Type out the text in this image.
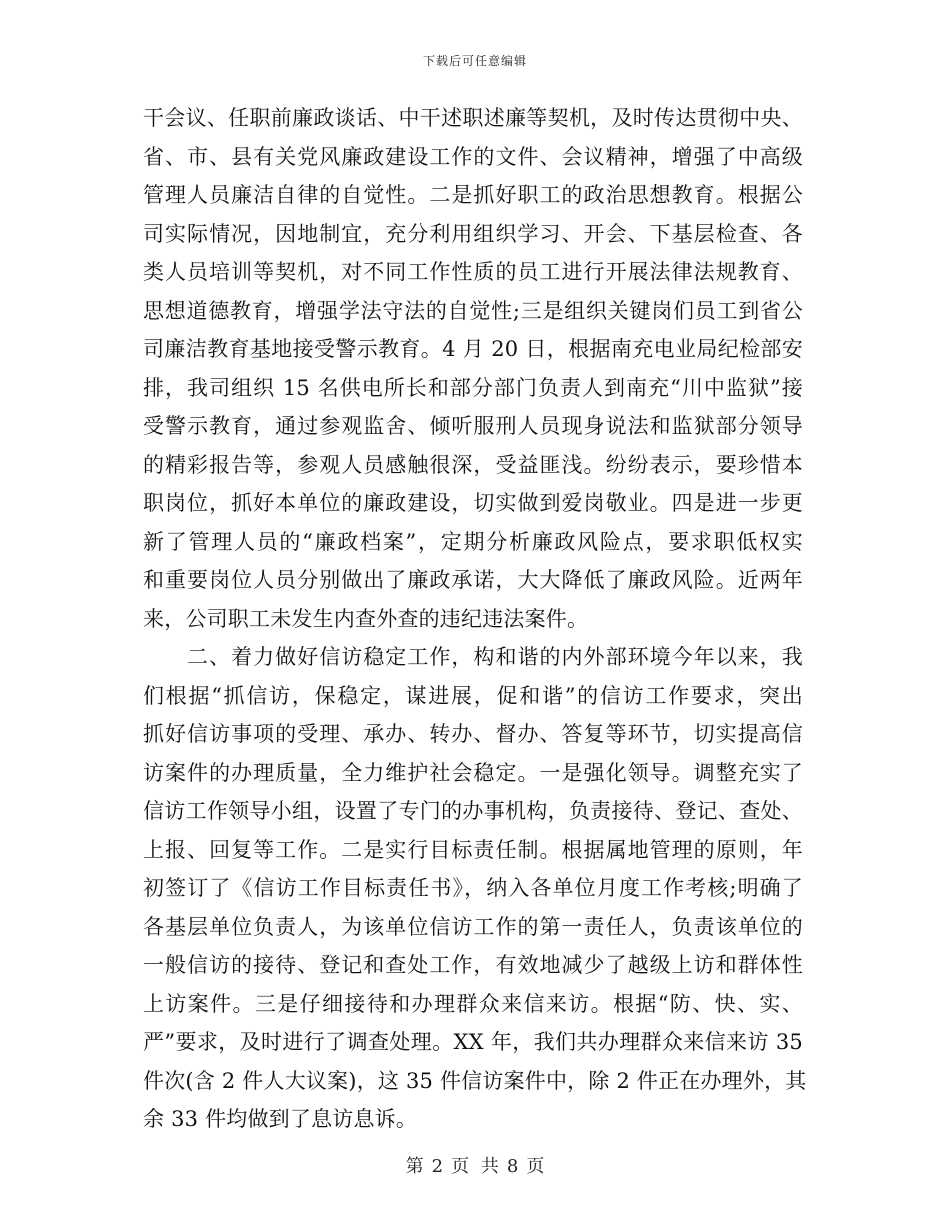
下载后可任意编辑
干会议、任职前廉政谈话、中干述职述廉等契机，及时传达贯彻中央、
省、市、县有关党风廉政建设工作的文件、会议精神，增强了中高级
管理人员廉洁自律的自觉性。二是抓好职工的政治思想教育。根据公
司实际情况，因地制宜，充分利用组织学习、开会、下基层检查、各
类人员培训等契机，对不同工作性质的员工进行开展法律法规教育、
思想道德教育，增强学法守法的自觉性;三是组织关键岗们员工到省公
司廉洁教育基地接受警示教育。4 月 20 日，根据南充电业局纪检部安
排，我司组织 15 名供电所长和部分部门负责人到南充“川中监狱”接
受警示教育，通过参观监舍、倾听服刑人员现身说法和监狱部分领导
的精彩报告等，参观人员感触很深，受益匪浅。纷纷表示，要珍惜本
职岗位，抓好本单位的廉政建设，切实做到爱岗敬业。四是进一步更
新了管理人员的“廉政档案”，定期分析廉政风险点，要求职低权实
和重要岗位人员分别做出了廉政承诺，大大降低了廉政风险。近两年
来，公司职工未发生内查外查的违纪违法案件。
　　二、着力做好信访稳定工作，构和谐的内外部环境今年以来，我
们根据“抓信访，保稳定，谋进展，促和谐”的信访工作要求，突出
抓好信访事项的受理、承办、转办、督办、答复等环节，切实提高信
访案件的办理质量，全力维护社会稳定。一是强化领导。调整充实了
信访工作领导小组，设置了专门的办事机构，负责接待、登记、查处、
上报、回复等工作。二是实行目标责任制。根据属地管理的原则，年
初签订了《信访工作目标责任书》，纳入各单位月度工作考核;明确了
各基层单位负责人，为该单位信访工作的第一责任人，负责该单位的
一般信访的接待、登记和查处工作，有效地减少了越级上访和群体性
上访案件。三是仔细接待和办理群众来信来访。根据“防、快、实、
严”要求，及时进行了调查处理。XX 年，我们共办理群众来信来访 35
件次(含 2 件人大议案)，这 35 件信访案件中，除 2 件正在办理外，其
余 33 件均做到了息访息诉。
第 2 页 共 8 页
